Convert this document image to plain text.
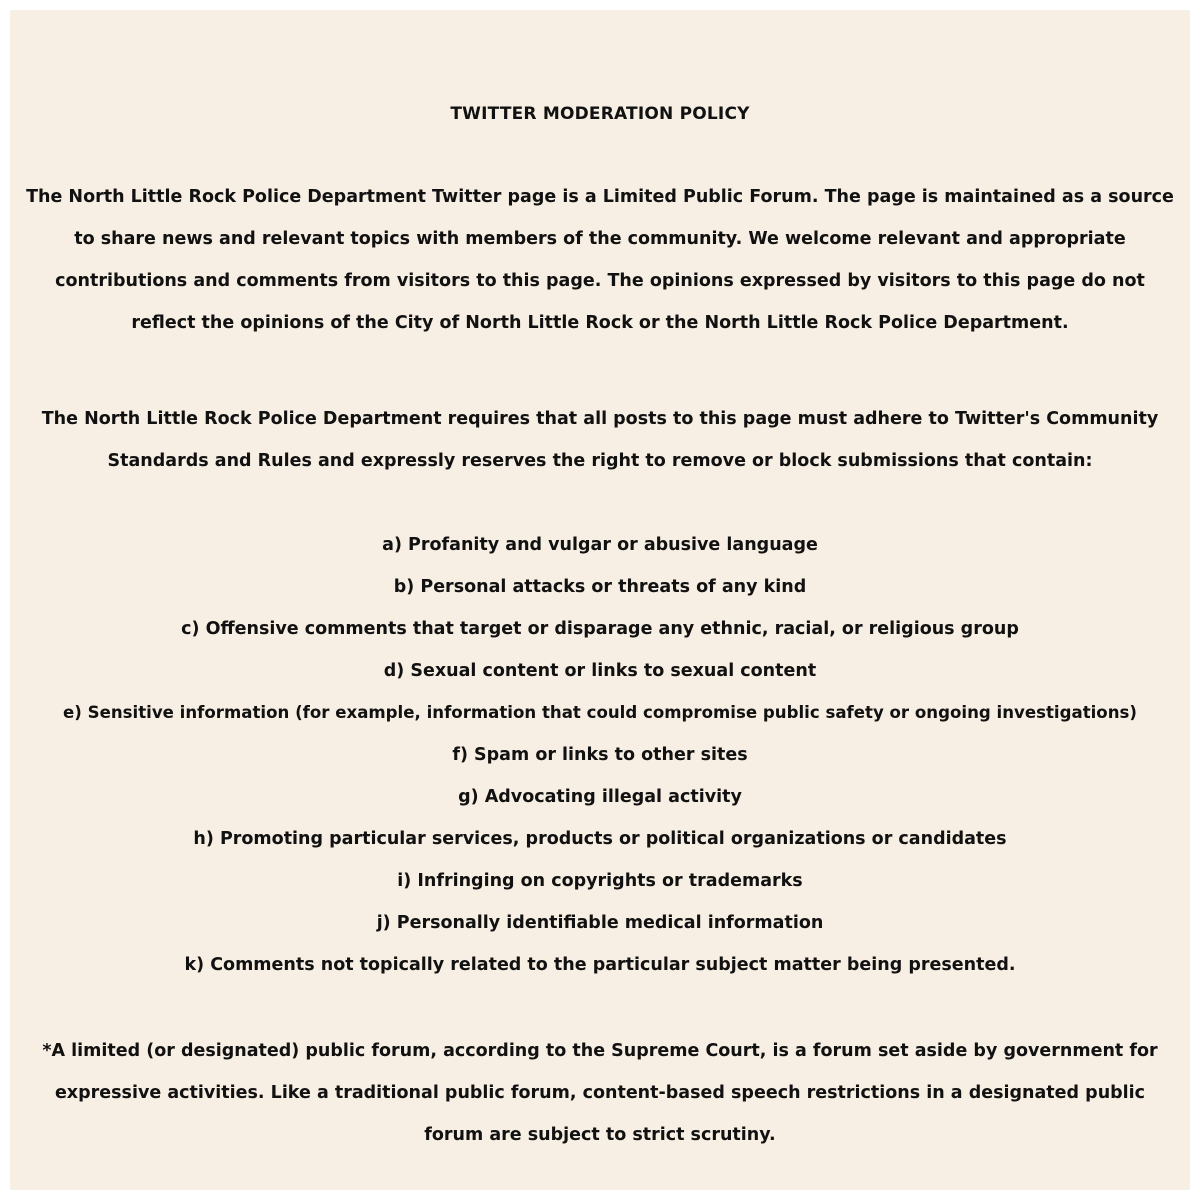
TWITTER MODERATION POLICY
The North Little Rock Police Department Twitter page is a Limited Public Forum. The page is maintained as a source
to share news and relevant topics with members of the community. We welcome relevant and appropriate
contributions and comments from visitors to this page. The opinions expressed by visitors to this page do not
reflect the opinions of the City of North Little Rock or the North Little Rock Police Department.
The North Little Rock Police Department requires that all posts to this page must adhere to Twitter's Community
Standards and Rules and expressly reserves the right to remove or block submissions that contain:
a) Profanity and vulgar or abusive language
b) Personal attacks or threats of any kind
c) Offensive comments that target or disparage any ethnic, racial, or religious group
d) Sexual content or links to sexual content
e) Sensitive information (for example, information that could compromise public safety or ongoing investigations)
f) Spam or links to other sites
g) Advocating illegal activity
h) Promoting particular services, products or political organizations or candidates
i) Infringing on copyrights or trademarks
j) Personally identifiable medical information
k) Comments not topically related to the particular subject matter being presented.
*A limited (or designated) public forum, according to the Supreme Court, is a forum set aside by government for
expressive activities. Like a traditional public forum, content-based speech restrictions in a designated public
forum are subject to strict scrutiny.
